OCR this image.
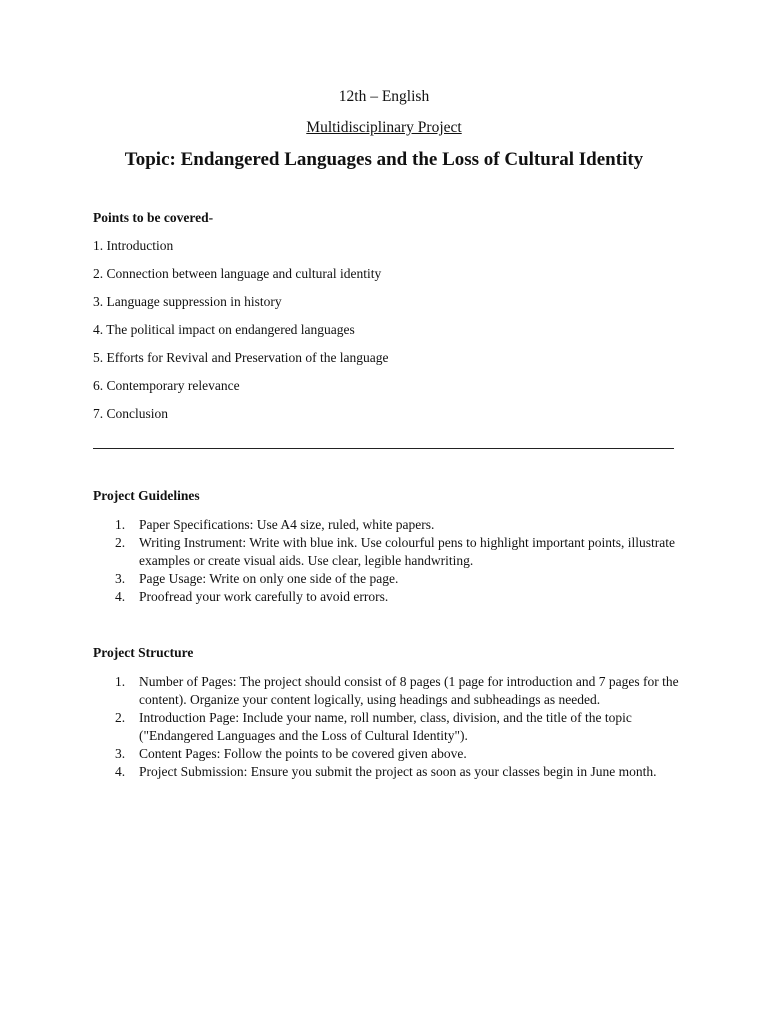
12th – English
Multidisciplinary Project
Topic: Endangered Languages and the Loss of Cultural Identity
Points to be covered-
1. Introduction
2. Connection between language and cultural identity
3. Language suppression in history
4. The political impact on endangered languages
5. Efforts for Revival and Preservation of the language
6. Contemporary relevance
7. Conclusion
Project Guidelines
1. Paper Specifications: Use A4 size, ruled, white papers.
2. Writing Instrument: Write with blue ink. Use colourful pens to highlight important points, illustrate examples or create visual aids. Use clear, legible handwriting.
3. Page Usage: Write on only one side of the page.
4. Proofread your work carefully to avoid errors.
Project Structure
1. Number of Pages: The project should consist of 8 pages (1 page for introduction and 7 pages for the content). Organize your content logically, using headings and subheadings as needed.
2. Introduction Page: Include your name, roll number, class, division, and the title of the topic ("Endangered Languages and the Loss of Cultural Identity").
3. Content Pages: Follow the points to be covered given above.
4. Project Submission: Ensure you submit the project as soon as your classes begin in June month.
